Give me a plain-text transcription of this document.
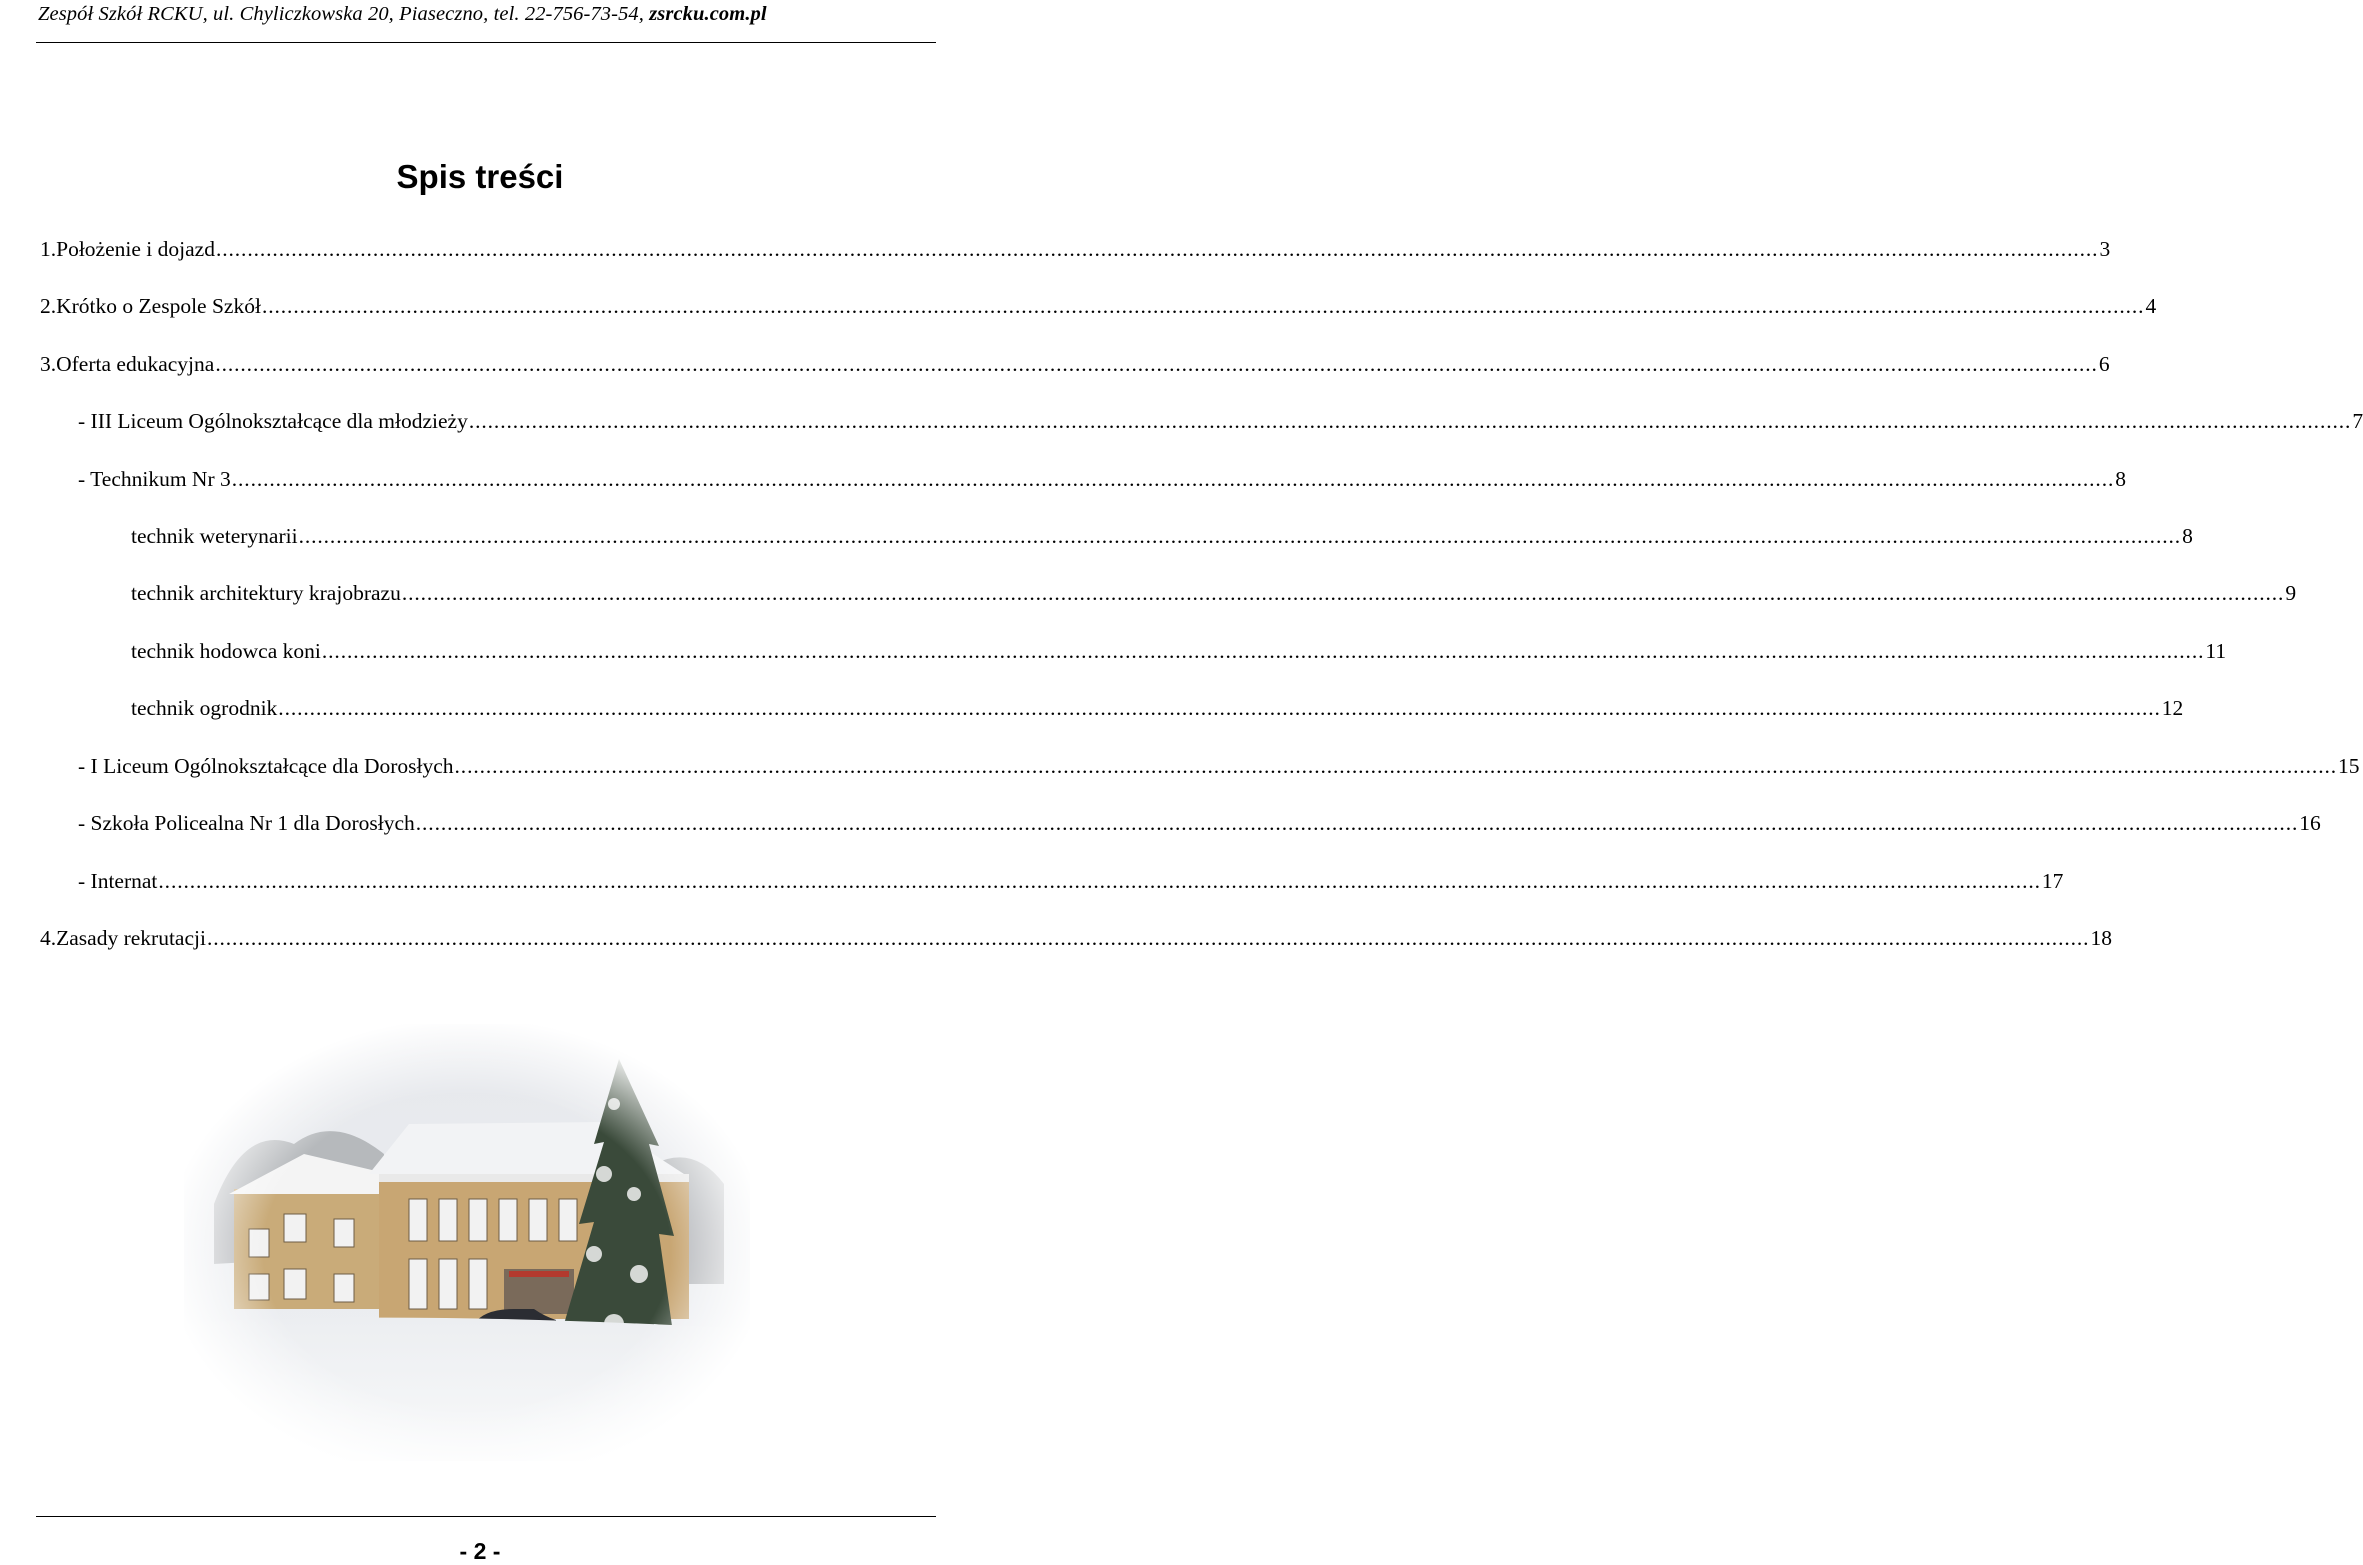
Zespół Szkół RCKU, ul. Chyliczkowska 20, Piaseczno, tel. 22-756-73-54, zsrcku.com.pl
Spis treści
1. Położenie i dojazd ............................................................................................................................................................................................................................................................................................................ 3
2. Krótko o Zespole Szkół ............................................................................................................................................................................................................................................................................................................ 4
3. Oferta edukacyjna ............................................................................................................................................................................................................................................................................................................ 6
- III Liceum Ogólnokształcące dla młodzieży ............................................................................................................................................................................................................................................................................................................ 7
- Technikum Nr 3 ............................................................................................................................................................................................................................................................................................................ 8
technik weterynarii ............................................................................................................................................................................................................................................................................................................ 8
technik architektury krajobrazu ............................................................................................................................................................................................................................................................................................................ 9
technik hodowca koni ............................................................................................................................................................................................................................................................................................................ 11
technik ogrodnik ............................................................................................................................................................................................................................................................................................................ 12
- I Liceum Ogólnokształcące dla Dorosłych ............................................................................................................................................................................................................................................................................................................ 15
- Szkoła Policealna Nr 1 dla Dorosłych ............................................................................................................................................................................................................................................................................................................ 16
- Internat ............................................................................................................................................................................................................................................................................................................ 17
4. Zasady rekrutacji ............................................................................................................................................................................................................................................................................................................ 18
- 2 -
